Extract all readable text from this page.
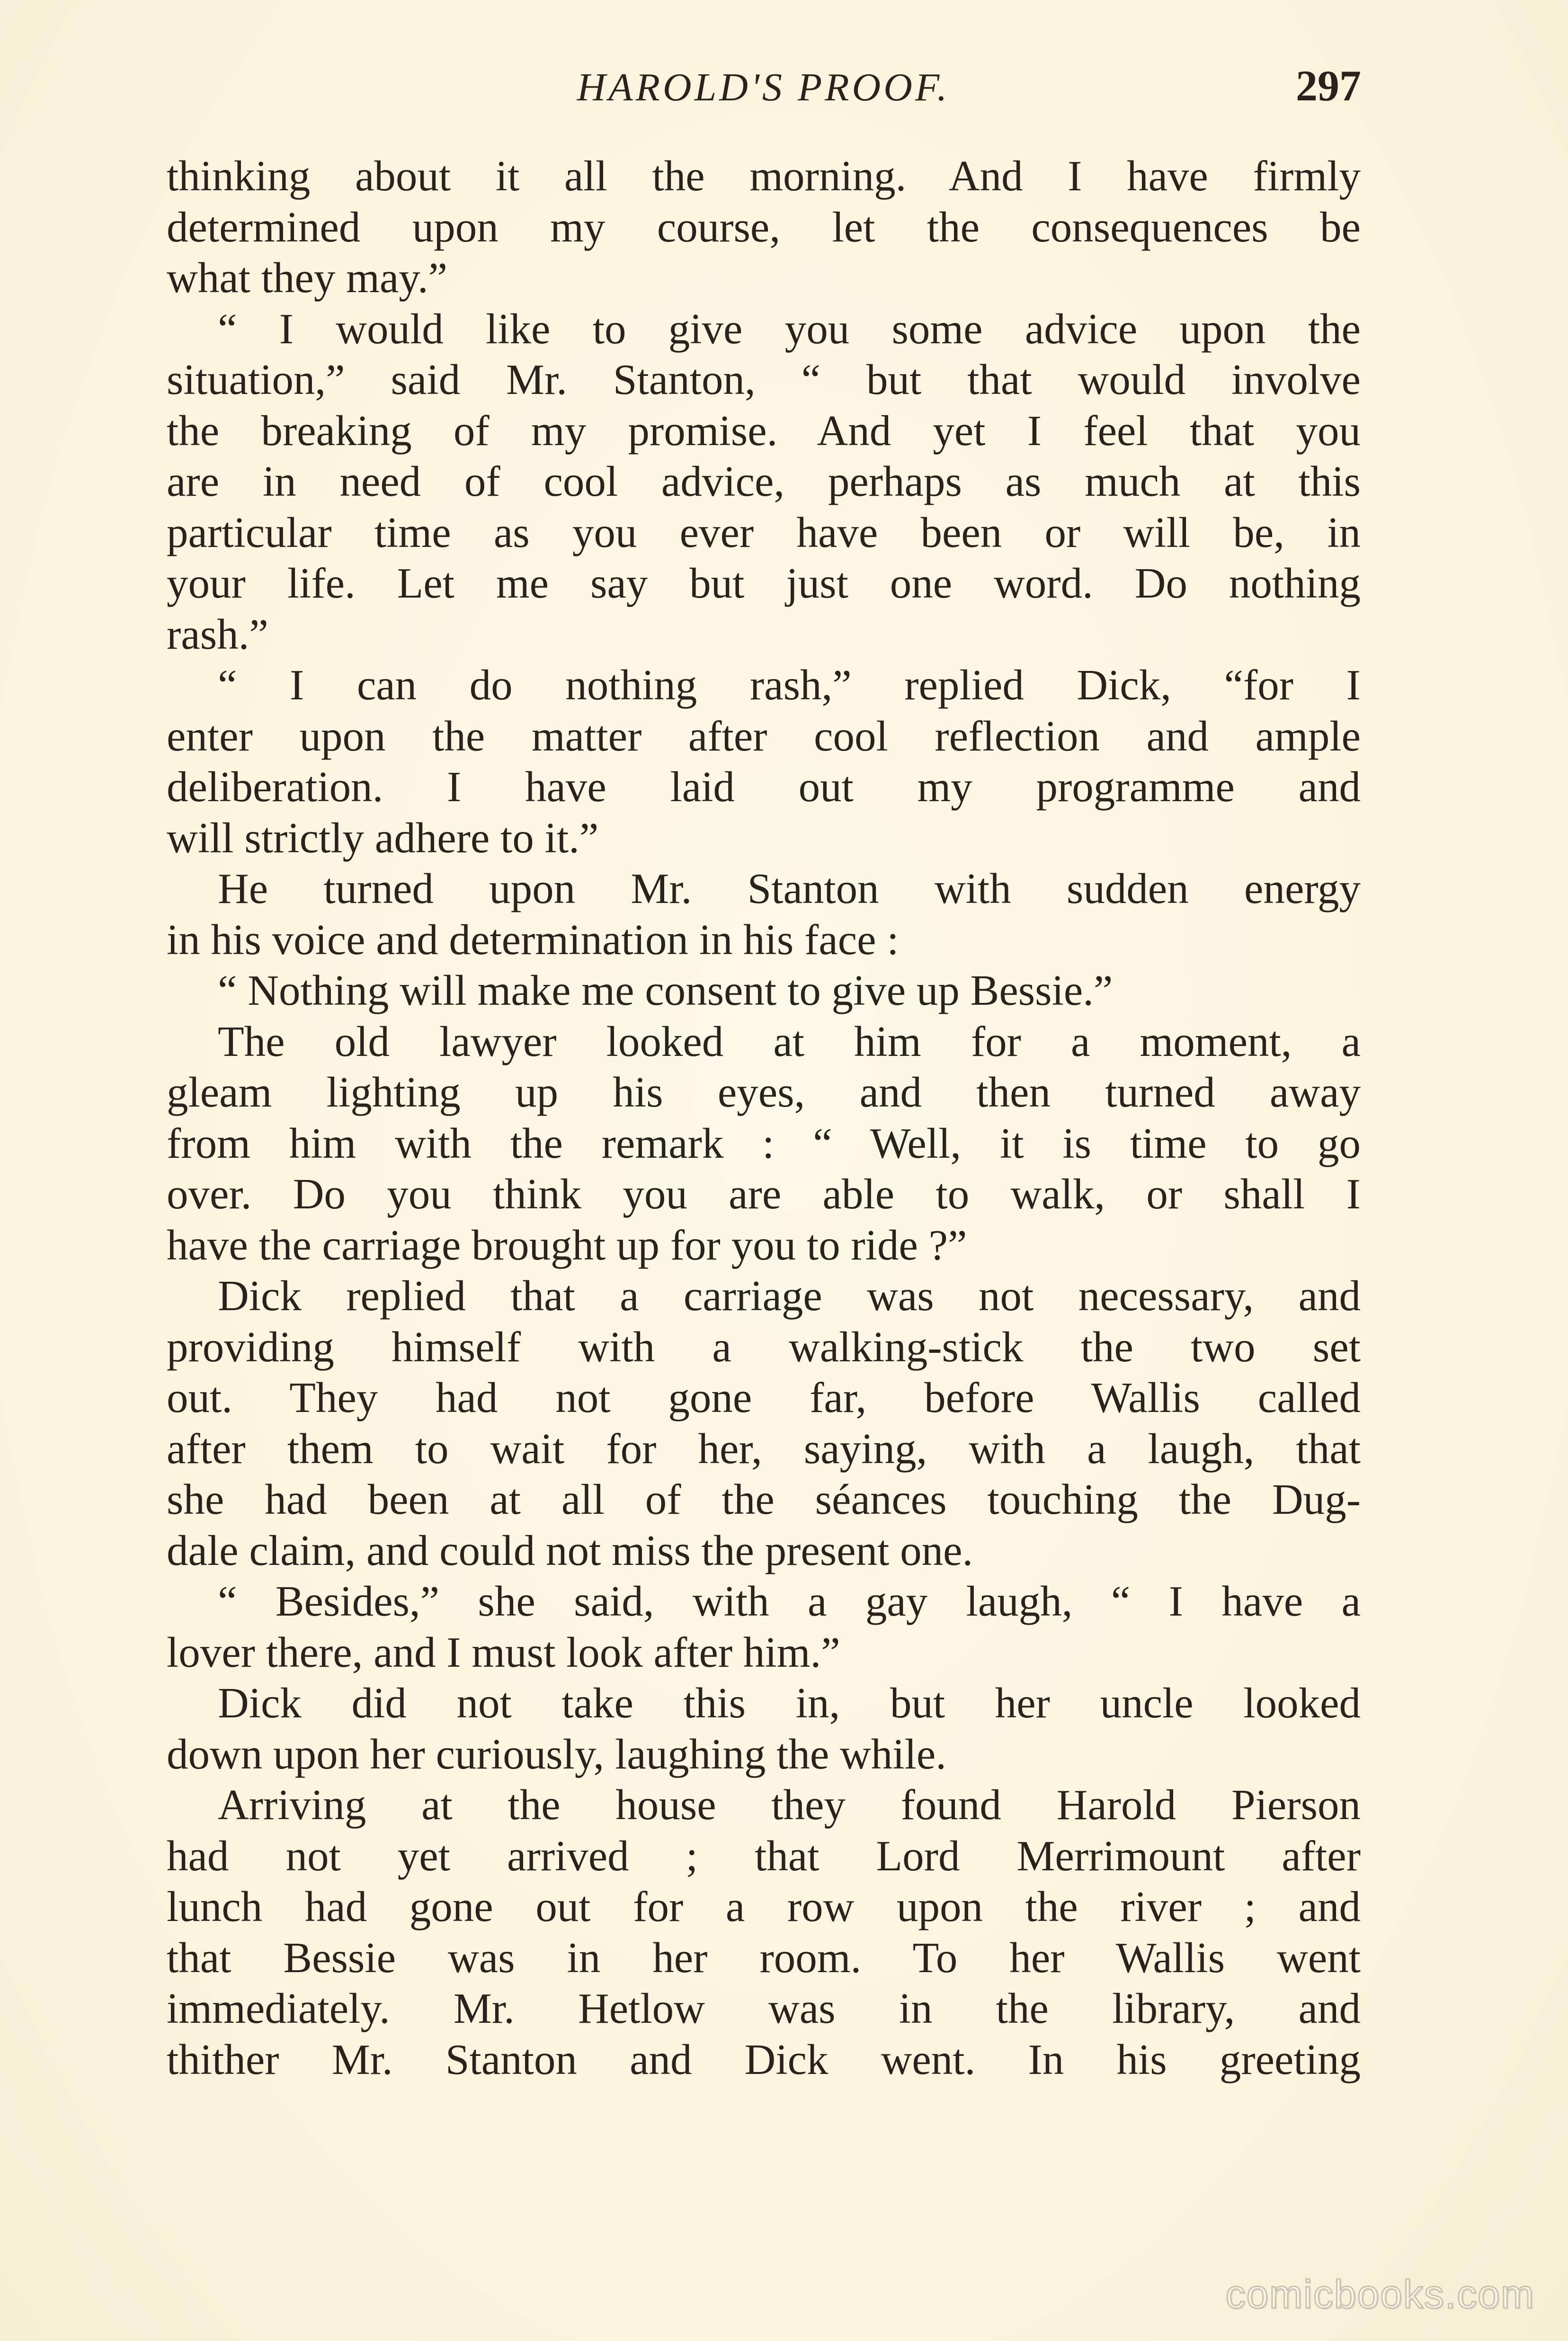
HAROLD'S PROOF.	297
thinking about it all the morning. And I have firmly
determined upon my course, let the consequences be
what they may.”
“ I would like to give you some advice upon the
situation,” said Mr. Stanton, “ but that would involve
the breaking of my promise. And yet I feel that you
are in need of cool advice, perhaps as much at this
particular time as you ever have been or will be, in
your life. Let me say but just one word. Do nothing
rash.”
“ I can do nothing rash,” replied Dick, “for I
enter upon the matter after cool reflection and ample
deliberation. I have laid out my programme and
will strictly adhere to it.”
He turned upon Mr. Stanton with sudden energy
in his voice and determination in his face :
“ Nothing will make me consent to give up Bessie.”
The old lawyer looked at him for a moment, a
gleam lighting up his eyes, and then turned away
from him with the remark : “ Well, it is time to go
over. Do you think you are able to walk, or shall I
have the carriage brought up for you to ride ?”
Dick replied that a carriage was not necessary, and
providing himself with a walking-stick the two set
out. They had not gone far, before Wallis called
after them to wait for her, saying, with a laugh, that
she had been at all of the séances touching the Dug-
dale claim, and could not miss the present one.
“ Besides,” she said, with a gay laugh, “ I have a
lover there, and I must look after him.”
Dick did not take this in, but her uncle looked
down upon her curiously, laughing the while.
Arriving at the house they found Harold Pierson
had not yet arrived ; that Lord Merrimount after
lunch had gone out for a row upon the river ; and
that Bessie was in her room. To her Wallis went
immediately. Mr. Hetlow was in the library, and
thither Mr. Stanton and Dick went. In his greeting
comicbooks.com
